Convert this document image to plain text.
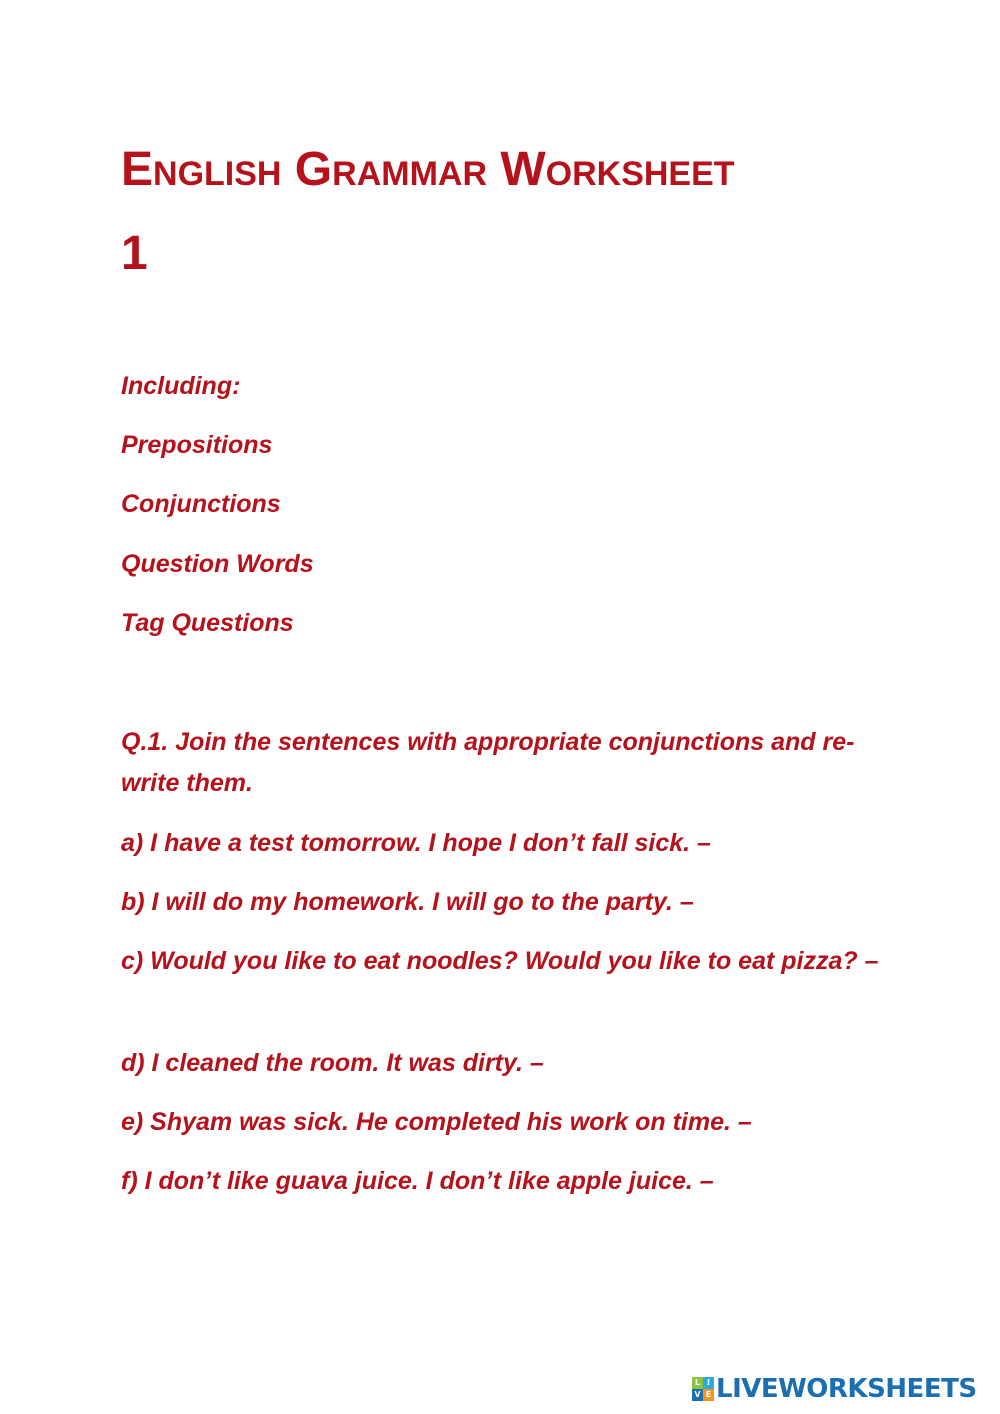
English Grammar Worksheet
1

Including:

Prepositions

Conjunctions

Question Words

Tag Questions

Q.1. Join the sentences with appropriate conjunctions and re-write them.

a) I have a test tomorrow. I hope I don’t fall sick. –

b) I will do my homework. I will go to the party. –

c) Would you like to eat noodles? Would you like to eat pizza? –

d) I cleaned the room. It was dirty. –

e) Shyam was sick. He completed his work on time. –

f) I don’t like guava juice. I don’t like apple juice. –

L I
V E LIVEWORKSHEETS
